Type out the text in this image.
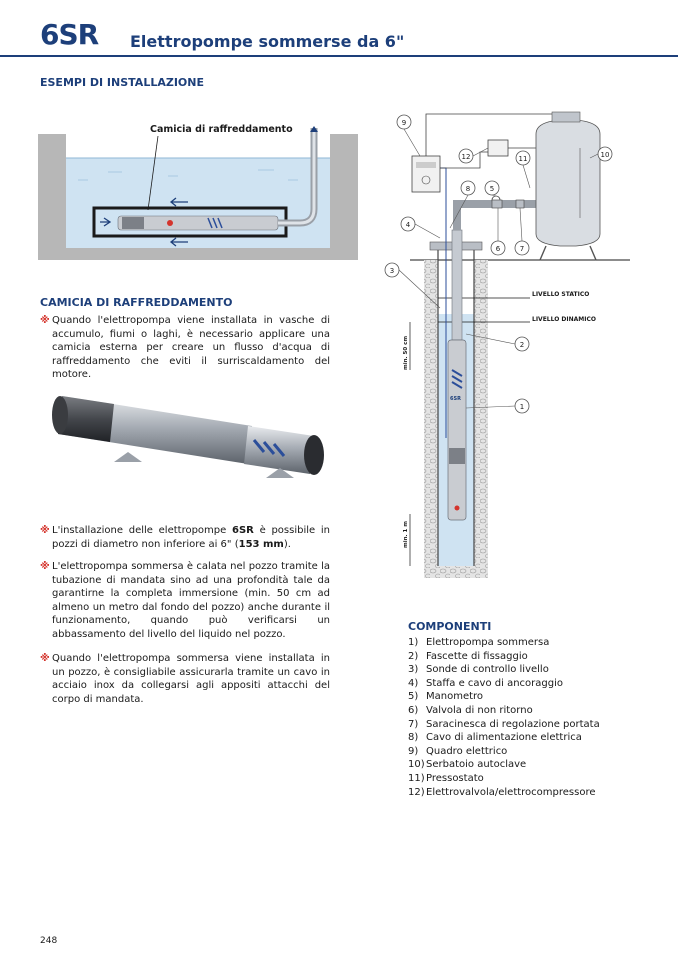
6SR Elettropompe sommerse da 6"
ESEMPI DI INSTALLAZIONE
Camicia di raffreddamento
CAMICIA DI RAFFREDDAMENTO
※ Quando l'elettropompa viene installata in vasche di accumulo, fiumi o laghi, è necessario applicare una camicia esterna per creare un flusso d'acqua di raffreddamento che eviti il surriscaldamento del motore.
※ L'installazione delle elettropompe 6SR è possibile in pozzi di diametro non inferiore ai 6" (153 mm).
※ L'elettropompa sommersa è calata nel pozzo tramite la tubazione di mandata sino ad una profondità tale da garantirne la completa immersione (min. 50 cm ad almeno un metro dal fondo del pozzo) anche durante il funzionamento, quando può verificarsi un abbassamento del livello del liquido nel pozzo.
※ Quando l'elettropompa sommersa viene installata in un pozzo, è consigliabile assicurarla tramite un cavo in acciaio inox da collegarsi agli appositi attacchi del corpo di mandata.
LIVELLO STATICO
LIVELLO DINAMICO
6SR
min. 50 cm
min. 1 m
9
12	11	10
8	5
4
6	7
3
2
1
COMPONENTI
1) Elettropompa sommersa
2) Fascette di fissaggio
3) Sonde di controllo livello
4) Staffa e cavo di ancoraggio
5) Manometro
6) Valvola di non ritorno
7) Saracinesca di regolazione portata
8) Cavo di alimentazione elettrica
9) Quadro elettrico
10) Serbatoio autoclave
11) Pressostato
12) Elettrovalvola/elettrocompressore
248
